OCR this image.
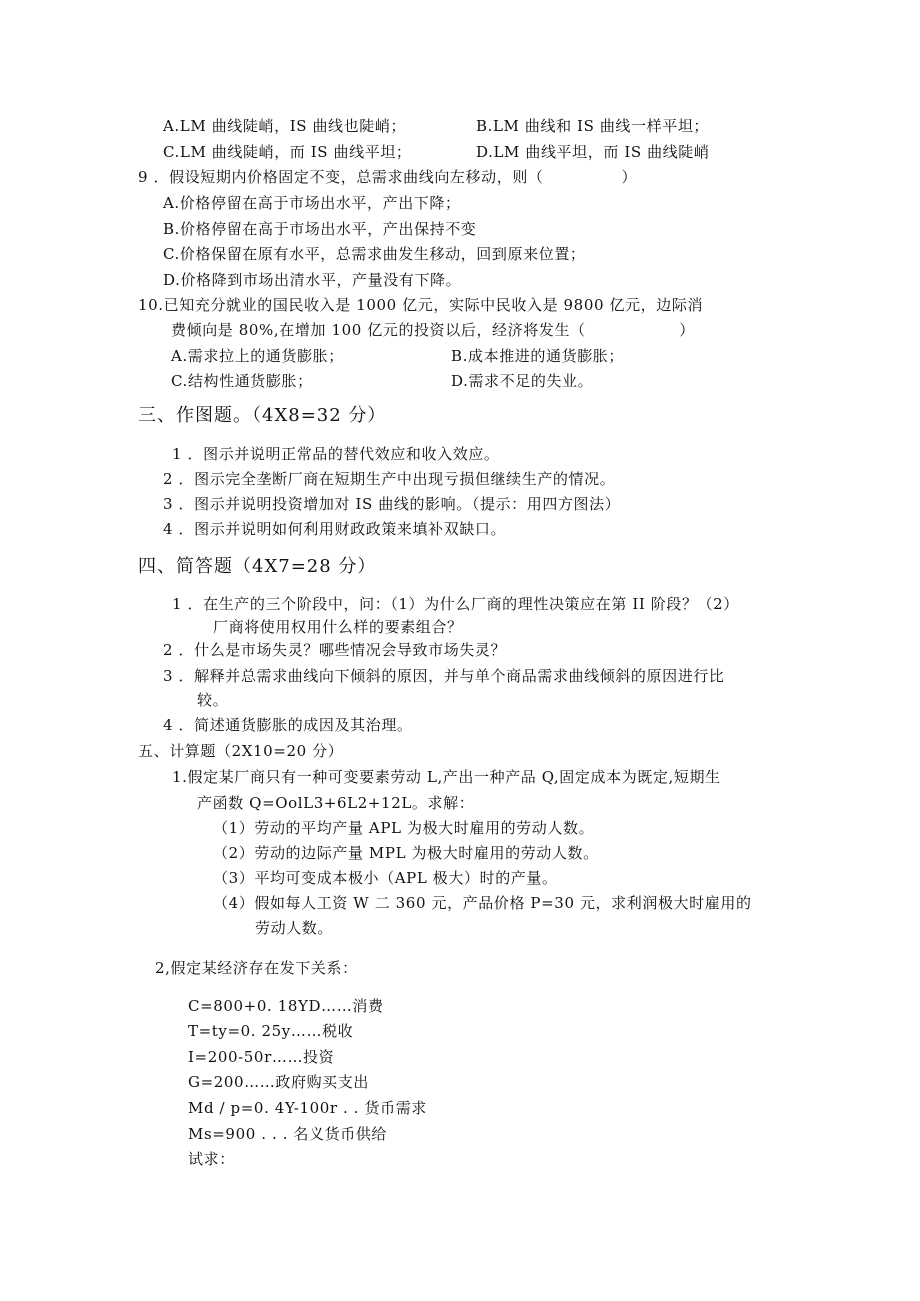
A.LM 曲线陡峭，IS 曲线也陡峭；	B.LM 曲线和 IS 曲线一样平坦；
C.LM 曲线陡峭，而 IS 曲线平坦；	D.LM 曲线平坦，而 IS 曲线陡峭
9 ．假设短期内价格固定不变，总需求曲线向左移动，则（　　　　　）
A.价格停留在高于市场出水平，产出下降；
B.价格停留在高于市场出水平，产出保持不变
C.价格保留在原有水平，总需求曲发生移动，回到原来位置；
D.价格降到市场出清水平，产量没有下降。
10.已知充分就业的国民收入是 1000 亿元，实际中民收入是 9800 亿元，边际消
费倾向是 80%,在增加 100 亿元的投资以后，经济将发生（　　　　　　）
A.需求拉上的通货膨胀；	B.成本推进的通货膨胀；
C.结构性通货膨胀；	D.需求不足的失业。
三、作图题。（4X8=32 分）
1 ．图示并说明正常品的替代效应和收入效应。
2 ．图示完全垄断厂商在短期生产中出现亏损但继续生产的情况。
3 ．图示并说明投资增加对 IS 曲线的影响。（提示：用四方图法）
4 ．图示并说明如何利用财政政策来填补双缺口。
四、简答题（4X7=28 分）
1 ．在生产的三个阶段中，问：（1）为什么厂商的理性决策应在第 II 阶段？（2）
厂商将使用权用什么样的要素组合？
2 ．什么是市场失灵？哪些情况会导致市场失灵？
3 ．解释并总需求曲线向下倾斜的原因，并与单个商品需求曲线倾斜的原因进行比
较。
4 ．简述通货膨胀的成因及其治理。
五、计算题（2X10=20 分）
1.假定某厂商只有一种可变要素劳动 L,产出一种产品 Q,固定成本为既定,短期生
产函数 Q=OolL3+6L2+12L。求解：
（1）劳动的平均产量 APL 为极大时雇用的劳动人数。
（2）劳动的边际产量 MPL 为极大时雇用的劳动人数。
（3）平均可变成本极小（APL 极大）时的产量。
（4）假如每人工资 W 二 360 元，产品价格 P=30 元，求利润极大时雇用的
劳动人数。
2,假定某经济存在发下关系：
C=800+0. 18YD……消费
T=ty=0. 25y……税收
I=200-50r……投资
G=200……政府购买支出
Md / p=0. 4Y-100r . . 货币需求
Ms=900 . . . 名义货币供给
试求：
